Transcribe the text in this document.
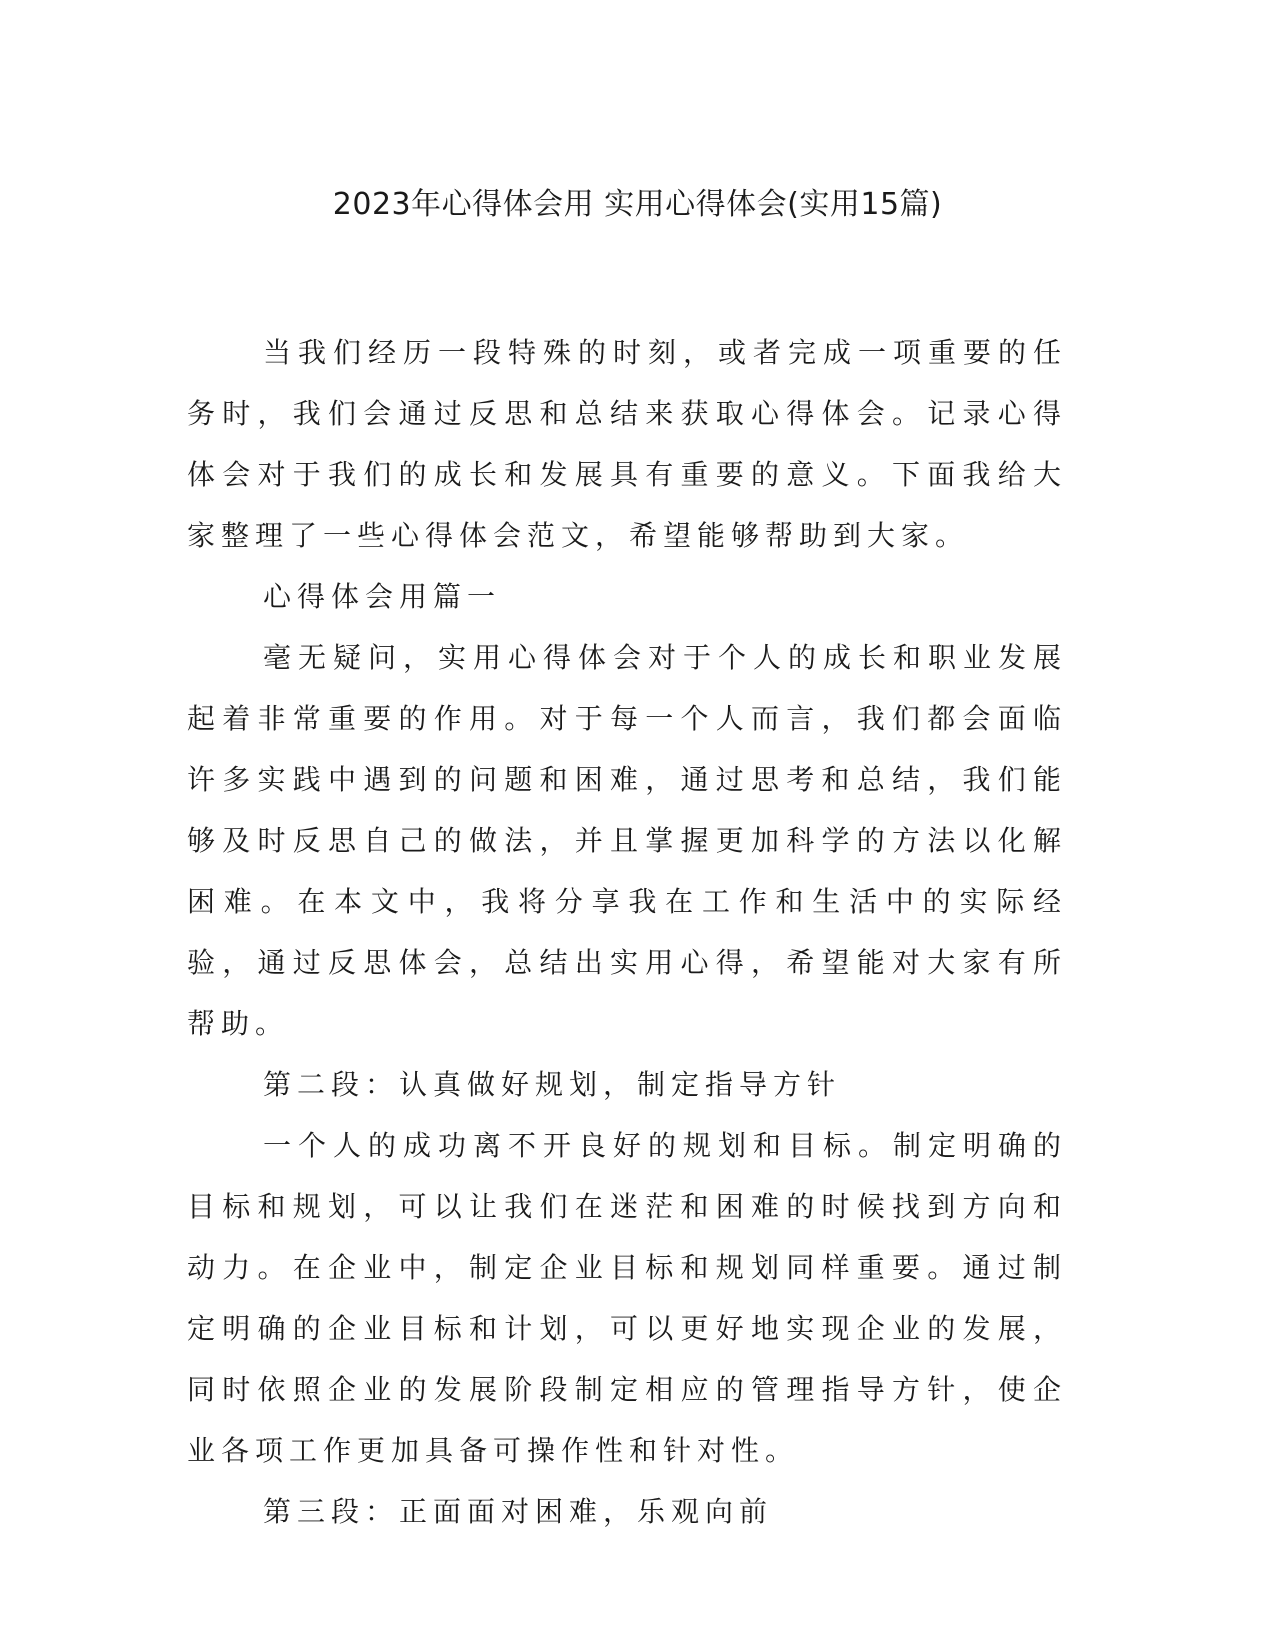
2023年心得体会用 实用心得体会(实用15篇)

当我们经历一段特殊的时刻，或者完成一项重要的任务时，我们会通过反思和总结来获取心得体会。记录心得体会对于我们的成长和发展具有重要的意义。下面我给大家整理了一些心得体会范文，希望能够帮助到大家。

心得体会用篇一

毫无疑问，实用心得体会对于个人的成长和职业发展起着非常重要的作用。对于每一个人而言，我们都会面临许多实践中遇到的问题和困难，通过思考和总结，我们能够及时反思自己的做法，并且掌握更加科学的方法以化解困难。在本文中，我将分享我在工作和生活中的实际经验，通过反思体会，总结出实用心得，希望能对大家有所帮助。

第二段：认真做好规划，制定指导方针

一个人的成功离不开良好的规划和目标。制定明确的目标和规划，可以让我们在迷茫和困难的时候找到方向和动力。在企业中，制定企业目标和规划同样重要。通过制定明确的企业目标和计划，可以更好地实现企业的发展，同时依照企业的发展阶段制定相应的管理指导方针，使企业各项工作更加具备可操作性和针对性。

第三段：正面面对困难，乐观向前
